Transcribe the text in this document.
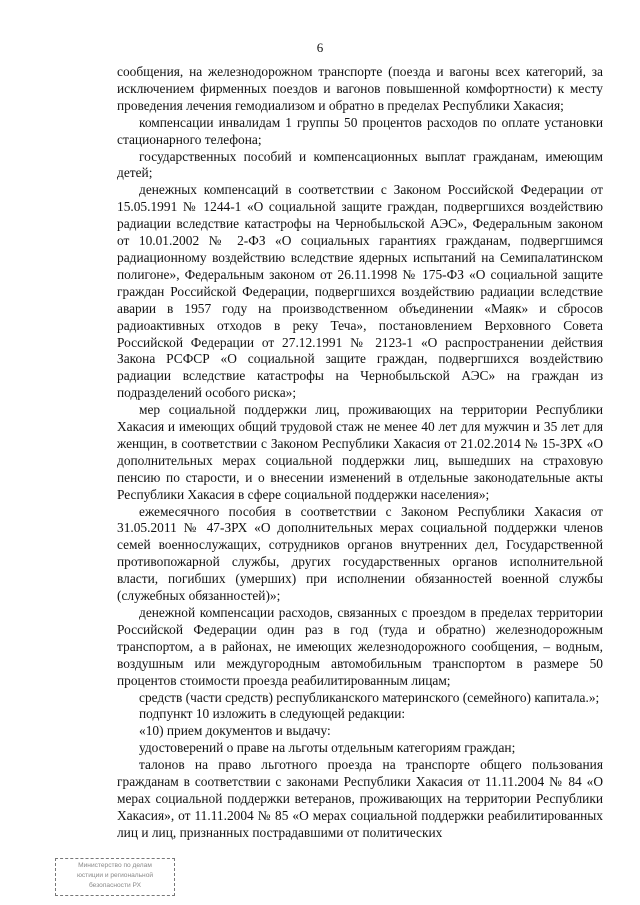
6

сообщения, на железнодорожном транспорте (поезда и вагоны всех категорий, за исключением фирменных поездов и вагонов повышенной комфортности) к месту проведения лечения гемодиализом и обратно в пределах Республики Хакасия;

компенсации инвалидам 1 группы 50 процентов расходов по оплате установки стационарного телефона;

государственных пособий и компенсационных выплат гражданам, имеющим детей;

денежных компенсаций в соответствии с Законом Российской Федерации от 15.05.1991 № 1244-1 «О социальной защите граждан, подвергшихся воздействию радиации вследствие катастрофы на Чернобыльской АЭС», Федеральным законом от 10.01.2002 № 2-ФЗ «О социальных гарантиях гражданам, подвергшимся радиационному воздействию вследствие ядерных испытаний на Семипалатинском полигоне», Федеральным законом от 26.11.1998 № 175-ФЗ «О социальной защите граждан Российской Федерации, подвергшихся воздействию радиации вследствие аварии в 1957 году на производственном объединении «Маяк» и сбросов радиоактивных отходов в реку Теча», постановлением Верховного Совета Российской Федерации от 27.12.1991 № 2123-1 «О распространении действия Закона РСФСР «О социальной защите граждан, подвергшихся воздействию радиации вследствие катастрофы на Чернобыльской АЭС» на граждан из подразделений особого риска»;

мер социальной поддержки лиц, проживающих на территории Республики Хакасия и имеющих общий трудовой стаж не менее 40 лет для мужчин и 35 лет для женщин, в соответствии с Законом Республики Хакасия от 21.02.2014 № 15-ЗРХ «О дополнительных мерах социальной поддержки лиц, вышедших на страховую пенсию по старости, и о внесении изменений в отдельные законодательные акты Республики Хакасия в сфере социальной поддержки населения»;

ежемесячного пособия в соответствии с Законом Республики Хакасия от 31.05.2011 № 47-ЗРХ «О дополнительных мерах социальной поддержки членов семей военнослужащих, сотрудников органов внутренних дел, Государственной противопожарной службы, других государственных органов исполнительной власти, погибших (умерших) при исполнении обязанностей военной службы (служебных обязанностей)»;

денежной компенсации расходов, связанных с проездом в пределах территории Российской Федерации один раз в год (туда и обратно) железнодорожным транспортом, а в районах, не имеющих железнодорожного сообщения, – водным, воздушным или междугородным автомобильным транспортом в размере 50 процентов стоимости проезда реабилитированным лицам;

средств (части средств) республиканского материнского (семейного) капитала.»;

подпункт 10 изложить в следующей редакции:

«10) прием документов и выдачу:

удостоверений о праве на льготы отдельным категориям граждан;

талонов на право льготного проезда на транспорте общего пользования гражданам в соответствии с законами Республики Хакасия от 11.11.2004 № 84 «О мерах социальной поддержки ветеранов, проживающих на территории Республики Хакасия», от 11.11.2004 № 85 «О мерах социальной поддержки реабилитированных лиц и лиц, признанных пострадавшими от политических

Министерство по делам
юстиции и региональной
безопасности РХ
